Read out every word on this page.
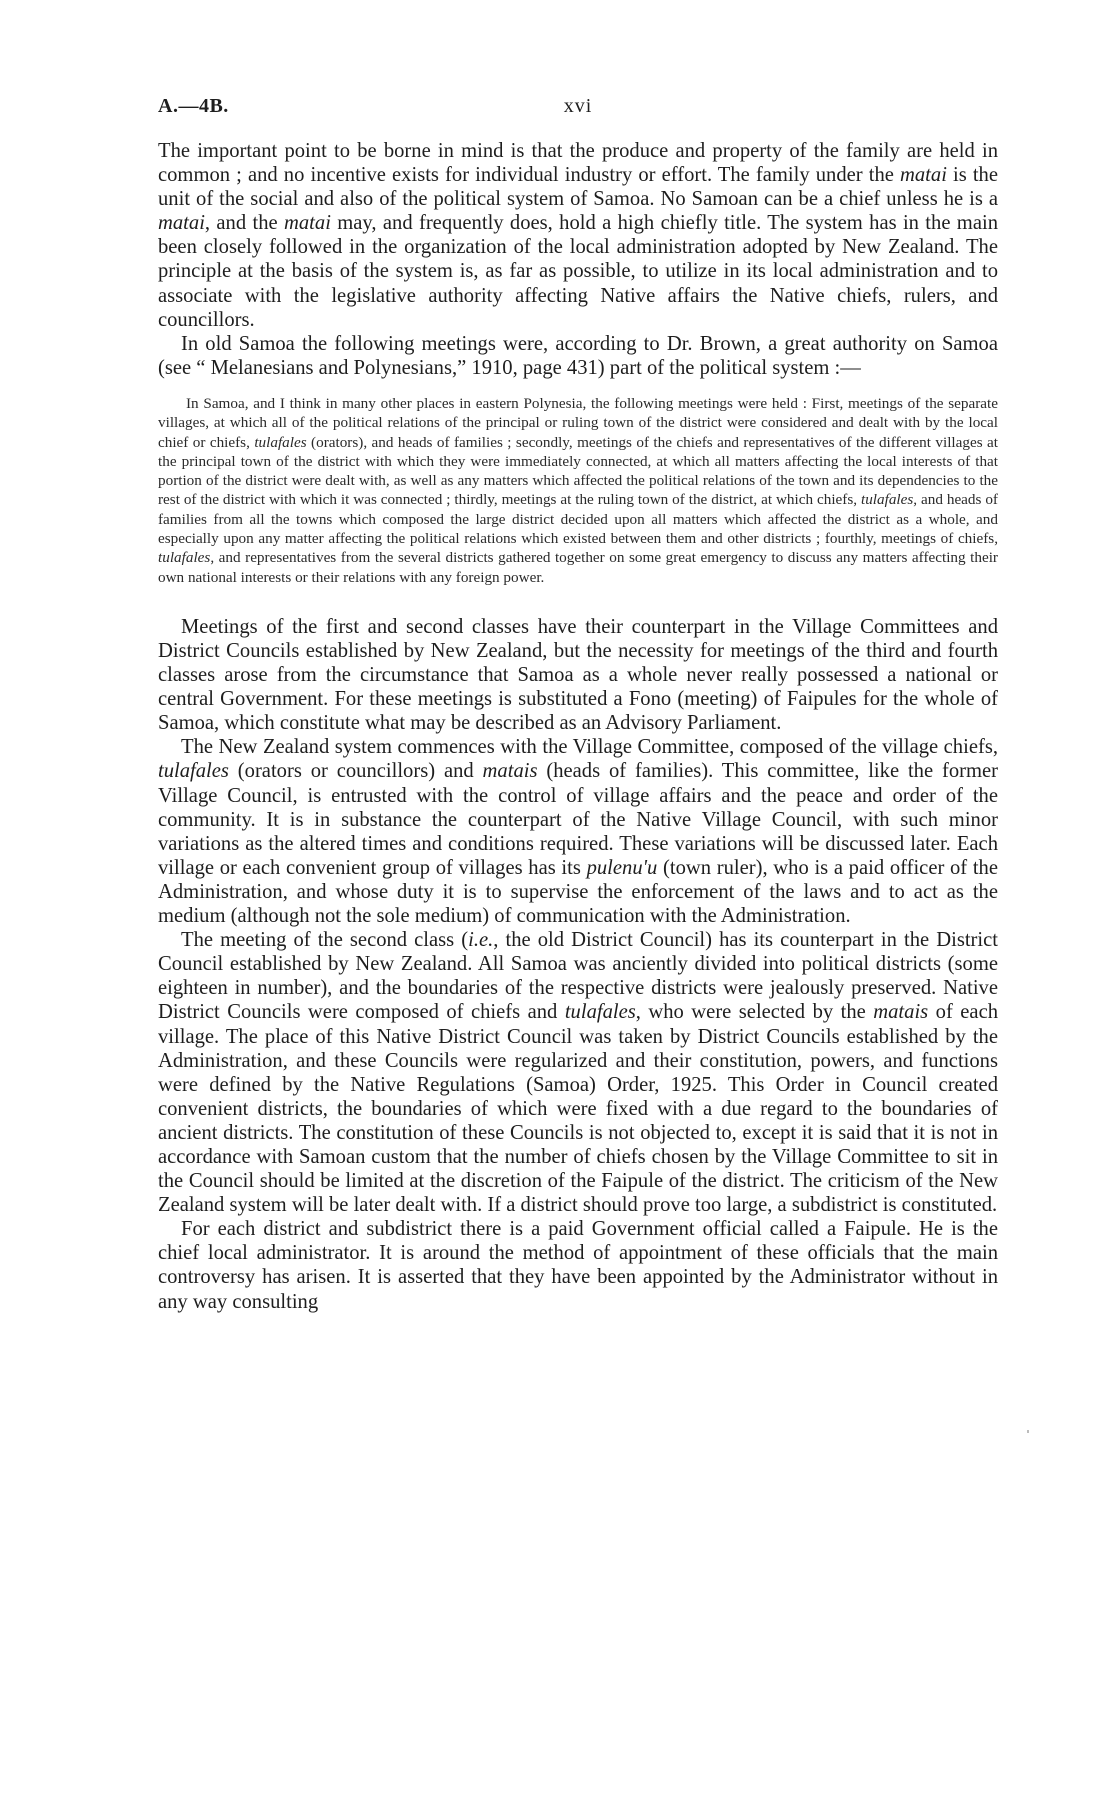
A.—4B.	xvi

The important point to be borne in mind is that the produce and property of the family are held in common ; and no incentive exists for individual industry or effort. The family under the matai is the unit of the social and also of the political system of Samoa. No Samoan can be a chief unless he is a matai, and the matai may, and frequently does, hold a high chiefly title. The system has in the main been closely followed in the organization of the local administration adopted by New Zealand. The principle at the basis of the system is, as far as possible, to utilize in its local administration and to associate with the legislative authority affecting Native affairs the Native chiefs, rulers, and councillors.

In old Samoa the following meetings were, according to Dr. Brown, a great authority on Samoa (see “ Melanesians and Polynesians,” 1910, page 431) part of the political system :—

In Samoa, and I think in many other places in eastern Polynesia, the following meetings were held : First, meetings of the separate villages, at which all of the political relations of the principal or ruling town of the district were considered and dealt with by the local chief or chiefs, tulafales (orators), and heads of families ; secondly, meetings of the chiefs and representatives of the different villages at the principal town of the district with which they were immediately connected, at which all matters affecting the local interests of that portion of the district were dealt with, as well as any matters which affected the political relations of the town and its dependencies to the rest of the district with which it was connected ; thirdly, meetings at the ruling town of the district, at which chiefs, tulafales, and heads of families from all the towns which composed the large district decided upon all matters which affected the district as a whole, and especially upon any matter affecting the political relations which existed between them and other districts ; fourthly, meetings of chiefs, tulafales, and representatives from the several districts gathered together on some great emergency to discuss any matters affecting their own national interests or their relations with any foreign power.

Meetings of the first and second classes have their counterpart in the Village Committees and District Councils established by New Zealand, but the necessity for meetings of the third and fourth classes arose from the circumstance that Samoa as a whole never really possessed a national or central Government. For these meetings is substituted a Fono (meeting) of Faipules for the whole of Samoa, which constitute what may be described as an Advisory Parliament.

The New Zealand system commences with the Village Committee, composed of the village chiefs, tulafales (orators or councillors) and matais (heads of families). This committee, like the former Village Council, is entrusted with the control of village affairs and the peace and order of the community. It is in substance the counterpart of the Native Village Council, with such minor variations as the altered times and conditions required. These variations will be discussed later. Each village or each convenient group of villages has its pulenu'u (town ruler), who is a paid officer of the Administration, and whose duty it is to supervise the enforcement of the laws and to act as the medium (although not the sole medium) of communication with the Administration.

The meeting of the second class (i.e., the old District Council) has its counterpart in the District Council established by New Zealand. All Samoa was anciently divided into political districts (some eighteen in number), and the boundaries of the respective districts were jealously preserved. Native District Councils were composed of chiefs and tulafales, who were selected by the matais of each village. The place of this Native District Council was taken by District Councils established by the Administration, and these Councils were regularized and their constitution, powers, and functions were defined by the Native Regulations (Samoa) Order, 1925. This Order in Council created convenient districts, the boundaries of which were fixed with a due regard to the boundaries of ancient districts. The constitution of these Councils is not objected to, except it is said that it is not in accordance with Samoan custom that the number of chiefs chosen by the Village Committee to sit in the Council should be limited at the discretion of the Faipule of the district. The criticism of the New Zealand system will be later dealt with. If a district should prove too large, a subdistrict is constituted.

For each district and subdistrict there is a paid Government official called a Faipule. He is the chief local administrator. It is around the method of appointment of these officials that the main controversy has arisen. It is asserted that they have been appointed by the Administrator without in any way consulting
